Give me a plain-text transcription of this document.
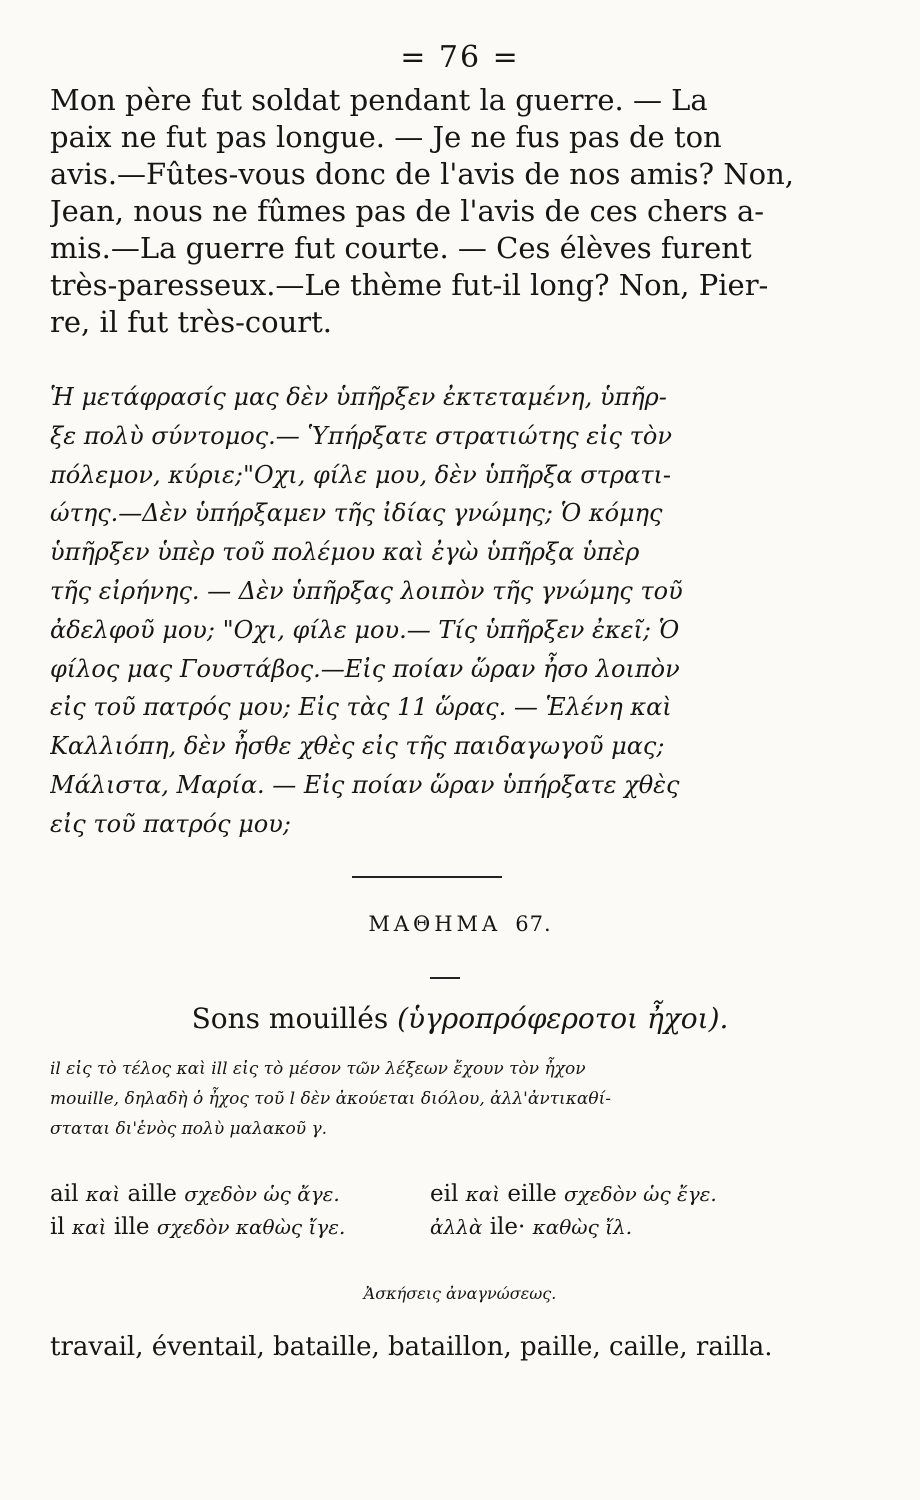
= 76 =
Mon père fut soldat pendant la guerre. — La
paix ne fut pas longue. — Je ne fus pas de ton
avis.—Fûtes-vous donc de l'avis de nos amis? Non,
Jean, nous ne fûmes pas de l'avis de ces chers a-
mis.—La guerre fut courte. — Ces élèves furent
très-paresseux.—Le thème fut-il long? Non, Pier-
re, il fut très-court.
Ἡ μετάφρασίς μας δὲν ὑπῆρξεν ἐκτεταμένη, ὑπῆρ-
ξε πολὺ σύντομος.— Ὑπήρξατε στρατιώτης εἰς τὸν
πόλεμον, κύριε;"Οχι, φίλε μου, δὲν ὑπῆρξα στρατι-
ώτης.—Δὲν ὑπήρξαμεν τῆς ἰδίας γνώμης; Ὁ κόμης
ὑπῆρξεν ὑπὲρ τοῦ πολέμου καὶ ἐγὼ ὑπῆρξα ὑπὲρ
τῆς εἰρήνης. — Δὲν ὑπῆρξας λοιπὸν τῆς γνώμης τοῦ
ἀδελφοῦ μου; "Οχι, φίλε μου.— Τίς ὑπῆρξεν ἐκεῖ; Ὁ
φίλος μας Γουστάβος.—Εἰς ποίαν ὥραν ἦσο λοιπὸν
εἰς τοῦ πατρός μου; Εἰς τὰς 11 ὥρας. — Ἑλένη καὶ
Καλλιόπη, δὲν ἦσθε χθὲς εἰς τῆς παιδαγωγοῦ μας;
Μάλιστα, Μαρία. — Εἰς ποίαν ὥραν ὑπήρξατε χθὲς
εἰς τοῦ πατρός μου;
ΜΑΘΗΜΑ 67.
Sons mouillés (ὑγροπρόφεροτοι ἦχοι).
il εἰς τὸ τέλος καὶ ill εἰς τὸ μέσον τῶν λέξεων ἔχουν τὸν ἦχον
mouille, δηλαδὴ ὁ ἦχος τοῦ l δὲν ἀκούεται διόλου, ἀλλ'ἀντικαθί-
σταται δι'ἑνὸς πολὺ μαλακοῦ γ.
ail καὶ aille σχεδὸν ὡς ἄγε.	eil καὶ eille σχεδὸν ὡς ἔγε.
il καὶ ille σχεδὸν καθὼς ἴγε.	ἀλλὰ ile· καθὼς ἴλ.
Ἀσκήσεις ἀναγνώσεως.
travail, éventail, bataille, bataillon, paille, caille, railla.
